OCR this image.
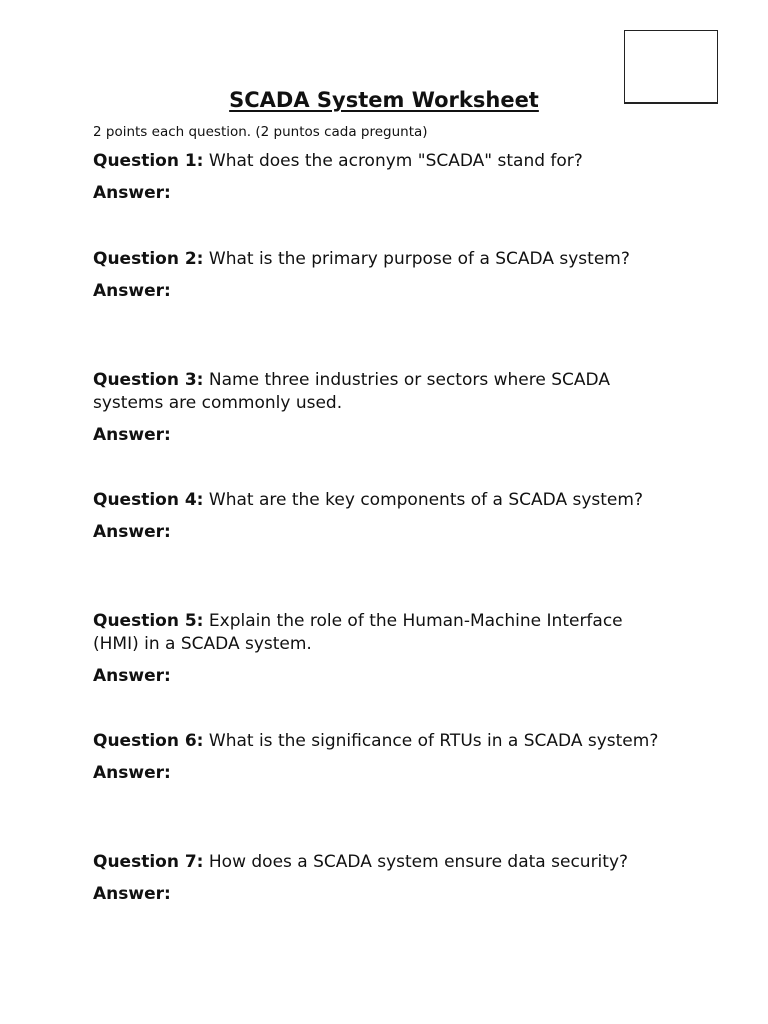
SCADA System Worksheet
2 points each question. (2 puntos cada pregunta)

Question 1: What does the acronym "SCADA" stand for?

Answer:

Question 2: What is the primary purpose of a SCADA system?

Answer:

Question 3: Name three industries or sectors where SCADA systems are commonly used.

Answer:

Question 4: What are the key components of a SCADA system?

Answer:

Question 5: Explain the role of the Human-Machine Interface (HMI) in a SCADA system.

Answer:

Question 6: What is the significance of RTUs in a SCADA system?

Answer:

Question 7: How does a SCADA system ensure data security?

Answer:
